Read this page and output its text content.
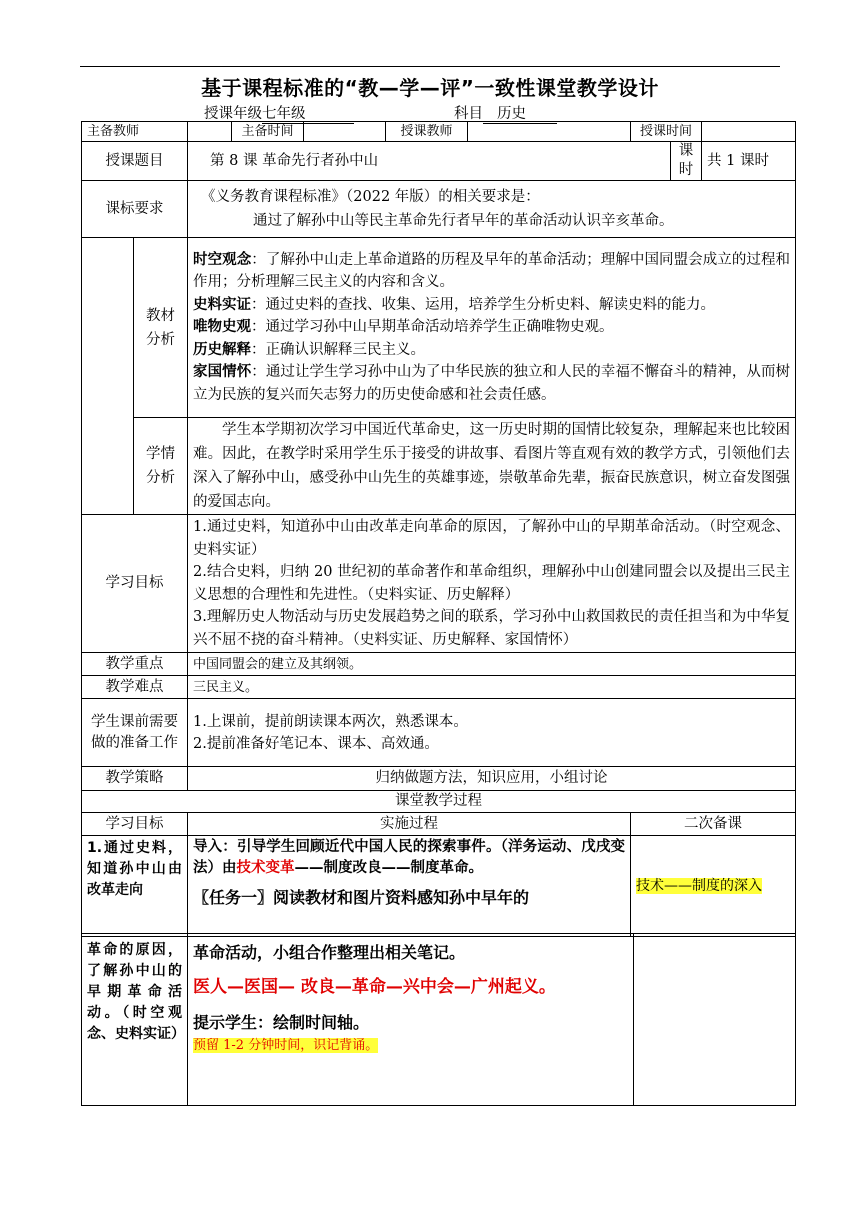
基于课程标准的“教—学—评”一致性课堂教学设计
授课年级七年级	科目 历史
主备教师			主备时间		授课教师		授课时间		
授课题目		第 8 课 革命先行者孙中山						课时	共 1 课时
课标要求		《义务教育课程标准》（2022 年版）的相关要求是：
通过了解孙中山等民主革命先行者早年的革命活动认识辛亥革命。							

	教材分析	时空观念：了解孙中山走上革命道路的历程及早年的革命活动；理解中国同盟会成立的过程和作用；分析理解三民主义的内容和含义。
史料实证：通过史料的查找、收集、运用，培养学生分析史料、解读史料的能力。
唯物史观：通过学习孙中山早期革命活动培养学生正确唯物史观。
历史解释：正确认识解释三民主义。
家国情怀：通过让学生学习孙中山为了中华民族的独立和人民的幸福不懈奋斗的精神，从而树立为民族的复兴而矢志努力的历史使命感和社会责任感。							

	学情分析	学生本学期初次学习中国近代革命史，这一历史时期的国情比较复杂，理解起来也比较困难。因此，在教学时采用学生乐于接受的讲故事、看图片等直观有效的教学方式，引领他们去深入了解孙中山，感受孙中山先生的英雄事迹，崇敬革命先辈，振奋民族意识，树立奋发图强的爱国志向。							
学习目标		1.通过史料，知道孙中山由改革走向革命的原因，了解孙中山的早期革命活动。（时空观念、史料实证）
2.结合史料，归纳 20 世纪初的革命著作和革命组织，理解孙中山创建同盟会以及提出三民主义思想的合理性和先进性。（史料实证、历史解释）
3.理解历史人物活动与历史发展趋势之间的联系，学习孙中山救国救民的责任担当和为中华复兴不屈不挠的奋斗精神。（史料实证、历史解释、家国情怀）							

教学重点		中国同盟会的建立及其纲领。							
教学难点		三民主义。							
学生课前需要做的准备工作		1.上课前，提前朗读课本两次，熟悉课本。
2.提前准备好笔记本、课本、高效通。							

教学策略		归纳做题方法，知识应用，小组讨论							
课堂教学过程									
学习目标		实施过程					二次备课		
1.通过史料，知道孙中山由改革走向		导入：引导学生回顾近代中国人民的探索事件。（洋务运动、戊戌变法）由技术变革——制度改良——制度革命。
〖任务一〗阅读教材和图片资料感知孙中早年的					技术——制度的深入		
革命的原因，了解孙中山的早期革命活动。（时空观念、史料实证）	
革命活动，小组合作整理出相关笔记。
医人—医国— 改良—革命—兴中会—广州起义。
提示学生：绘制时间轴。
预留 1-2 分钟时间，识记背诵。
